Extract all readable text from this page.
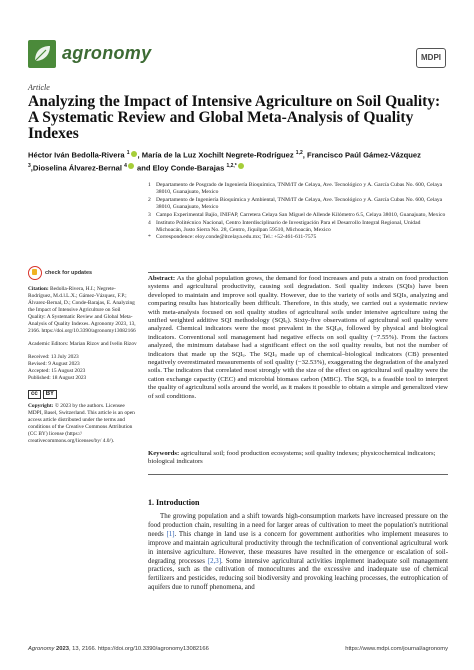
agronomy	MDPI
Article
Analyzing the Impact of Intensive Agriculture on Soil Quality: A Systematic Review and Global Meta-Analysis of Quality Indexes
Héctor Iván Bedolla-Rivera $^1$ , María de la Luz Xochilt Negrete-Rodríguez $^{1,2}$, Francisco Paúl Gámez-Vázquez $^3$,Dioselina Álvarez-Bernal $^4$ and Eloy Conde-Barajas $^{1,2,*}$
1 Departamento de Posgrado de Ingeniería Bioquímica, TNM/IT de Celaya, Ave. Tecnológico y A. García Cubas No. 600, Celaya 38010, Guanajuato, Mexico
2 Departamento de Ingeniería Bioquímica y Ambiental, TNM/IT de Celaya, Ave. Tecnológico y A. García Cubas No. 600, Celaya 38010, Guanajuato, Mexico
3 Campo Experimental Bajío, INIFAP, Carretera Celaya San Miguel de Allende Kilómetro 6.5, Celaya 38010, Guanajuato, Mexico
4 Instituto Politécnico Nacional, Centro Interdisciplinario de Investigación Para el Desarrollo Integral Regional, Unidad Michoacán, Justo Sierra No. 28, Centro, Jiquilpan 59510, Michoacán, Mexico
* Correspondence: eloy.conde@itcelaya.edu.mx; Tel.: +52-461-611-7575
check for updates
Citation: Bedolla-Rivera, H.I.; Negrete-Rodríguez, M.d.l.L.X.; Gámez-Vázquez, F.P.; Álvarez-Bernal, D.; Conde-Barajas, E. Analyzing the Impact of Intensive Agriculture on Soil Quality: A Systematic Review and Global Meta-Analysis of Quality Indexes. Agronomy 2023, 13, 2166. https://doi.org/10.3390/agronomy13082166
Academic Editors: Marian Rizov and Ivelin Rizov
Received: 13 July 2023
Revised: 9 August 2023
Accepted: 15 August 2023
Published: 18 August 2023
cc	BY
Copyright: © 2023 by the authors. Licensee MDPI, Basel, Switzerland. This article is an open access article distributed under the terms and conditions of the Creative Commons Attribution (CC BY) license (https:// creativecommons.org/licenses/by/ 4.0/).
Abstract: As the global population grows, the demand for food increases and puts a strain on food production systems and agricultural productivity, causing soil degradation. Soil quality indexes (SQIs) have been developed to maintain and improve soil quality. However, due to the variety of soils and SQIs, analyzing and comparing results has historically been difficult. Therefore, in this study, we carried out a systematic review with meta-analysis focused on soil quality studies of agricultural soils under intensive agriculture using the unified weighted additive SQI methodology (SQIᵤ). Sixty-five observations of agricultural soil quality were analyzed. Chemical indicators were the most prevalent in the SQIᵤs, followed by physical and biological indicators. Conventional soil management had negative effects on soil quality (−7.55%). From the factors analyzed, the minimum database had a significant effect on the soil quality results, but not the number of indicators that made up the SQIᵤ. The SQIᵤ made up of chemical–biological indicators (CB) presented negatively overestimated measurements of soil quality (−32.53%), exaggerating the degradation of the analyzed soils. The indicators that correlated most strongly with the size of the effect on agricultural soil quality were the cation exchange capacity (CEC) and microbial biomass carbon (MBC). The SQIᵤ is a feasible tool to interpret the quality of agricultural soils around the world, as it makes it possible to obtain a simple and generalized view of soil conditions.
Keywords: agricultural soil; food production ecosystems; soil quality indexes; physicochemical indicators; biological indicators
1. Introduction
The growing population and a shift towards high-consumption markets have increased pressure on the food production chain, resulting in a need for larger areas of cultivation to meet the population's nutritional needs [1]. This change in land use is a concern for government authorities who implement measures to improve and maintain agricultural productivity through the technification of conventional agricultural work in intensive agriculture. However, these measures have resulted in the emergence or escalation of soil-degrading processes [2,3]. Some intensive agricultural activities implement inadequate soil management practices, such as the cultivation of monocultures and the excessive and inadequate use of chemical fertilizers and pesticides, reducing soil biodiversity and provoking leaching processes, the eutrophication of aquifers due to runoff phenomena, and
Agronomy 2023, 13, 2166. https://doi.org/10.3390/agronomy13082166	https://www.mdpi.com/journal/agronomy
